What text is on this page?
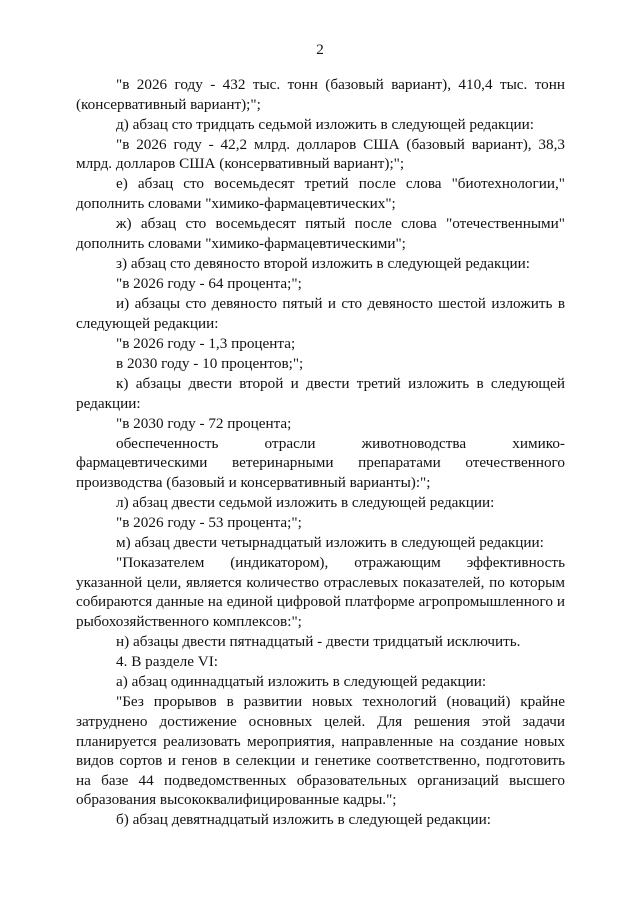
2

"в 2026 году - 432 тыс. тонн (базовый вариант), 410,4 тыс. тонн (консервативный вариант);";

д) абзац сто тридцать седьмой изложить в следующей редакции:

"в 2026 году - 42,2 млрд. долларов США (базовый вариант), 38,3 млрд. долларов США (консервативный вариант);";

е) абзац сто восемьдесят третий после слова "биотехнологии," дополнить словами "химико-фармацевтических";

ж) абзац сто восемьдесят пятый после слова "отечественными" дополнить словами "химико-фармацевтическими";

з) абзац сто девяносто второй изложить в следующей редакции:

"в 2026 году - 64 процента;";

и) абзацы сто девяносто пятый и сто девяносто шестой изложить в следующей редакции:

"в 2026 году - 1,3 процента;

в 2030 году - 10 процентов;";

к) абзацы двести второй и двести третий изложить в следующей редакции:

"в 2030 году - 72 процента;

обеспеченность отрасли животноводства химико-фармацевтическими ветеринарными препаратами отечественного производства (базовый и консервативный варианты):";

л) абзац двести седьмой изложить в следующей редакции:

"в 2026 году - 53 процента;";

м) абзац двести четырнадцатый изложить в следующей редакции:

"Показателем (индикатором), отражающим эффективность указанной цели, является количество отраслевых показателей, по которым собираются данные на единой цифровой платформе агропромышленного и рыбохозяйственного комплексов:";

н) абзацы двести пятнадцатый - двести тридцатый исключить.

4. В разделе VI:

а) абзац одиннадцатый изложить в следующей редакции:

"Без прорывов в развитии новых технологий (новаций) крайне затруднено достижение основных целей. Для решения этой задачи планируется реализовать мероприятия, направленные на создание новых видов сортов и генов в селекции и генетике соответственно, подготовить на базе 44 подведомственных образовательных организаций высшего образования высококвалифицированные кадры.";

б) абзац девятнадцатый изложить в следующей редакции:
